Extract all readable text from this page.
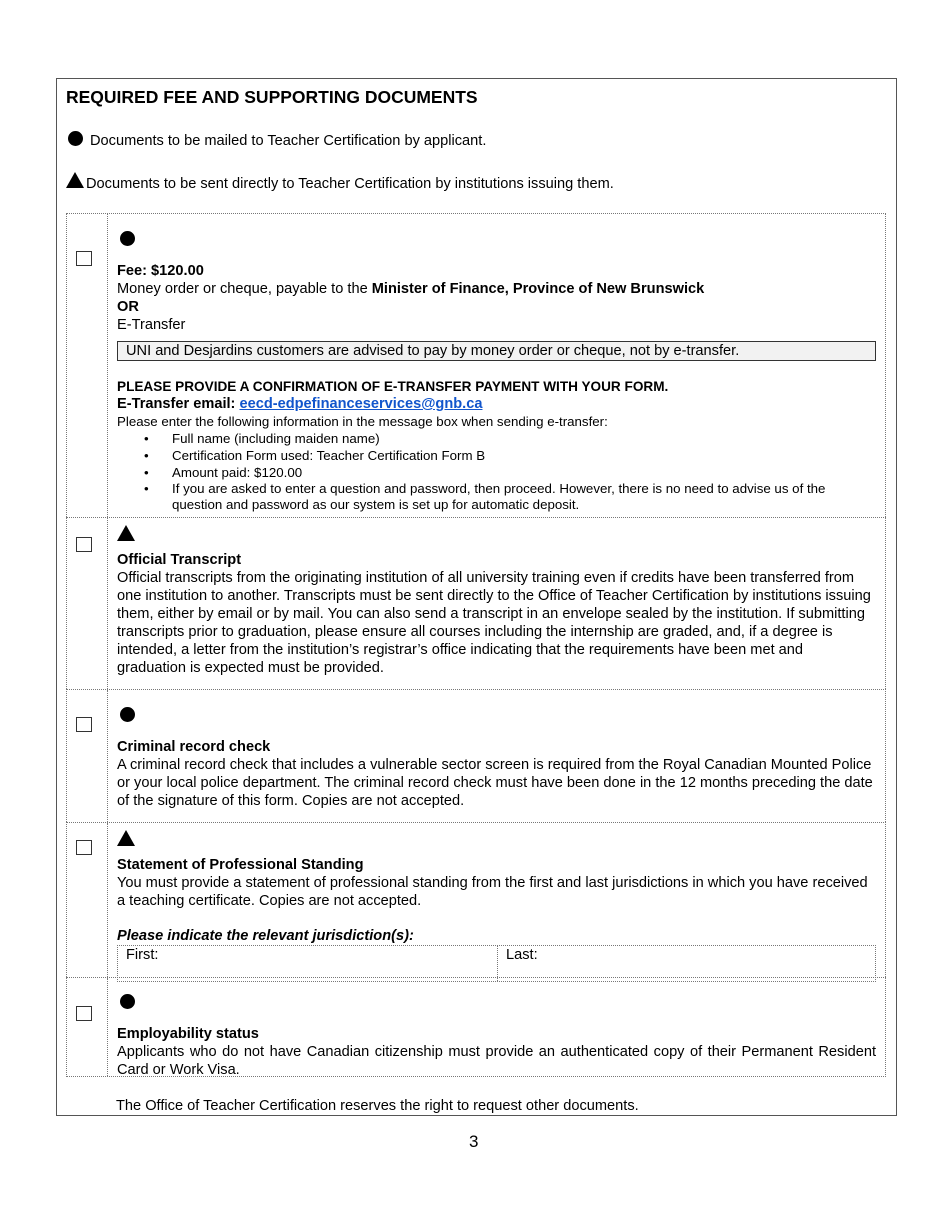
REQUIRED FEE AND SUPPORTING DOCUMENTS
Documents to be mailed to Teacher Certification by applicant.
Documents to be sent directly to Teacher Certification by institutions issuing them.
Fee: $120.00
Money order or cheque, payable to the Minister of Finance, Province of New Brunswick
OR
E-Transfer
UNI and Desjardins customers are advised to pay by money order or cheque, not by e-transfer.
PLEASE PROVIDE A CONFIRMATION OF E-TRANSFER PAYMENT WITH YOUR FORM.
E-Transfer email: eecd-edpefinanceservices@gnb.ca
Please enter the following information in the message box when sending e-transfer:
• Full name (including maiden name)
• Certification Form used: Teacher Certification Form B
• Amount paid: $120.00
• If you are asked to enter a question and password, then proceed. However, there is no need to advise us of the question and password as our system is set up for automatic deposit.
Official Transcript
Official transcripts from the originating institution of all university training even if credits have been transferred from one institution to another. Transcripts must be sent directly to the Office of Teacher Certification by institutions issuing them, either by email or by mail. You can also send a transcript in an envelope sealed by the institution. If submitting transcripts prior to graduation, please ensure all courses including the internship are graded, and, if a degree is intended, a letter from the institution’s registrar’s office indicating that the requirements have been met and graduation is expected must be provided.
Criminal record check
A criminal record check that includes a vulnerable sector screen is required from the Royal Canadian Mounted Police or your local police department. The criminal record check must have been done in the 12 months preceding the date of the signature of this form. Copies are not accepted.
Statement of Professional Standing
You must provide a statement of professional standing from the first and last jurisdictions in which you have received a teaching certificate. Copies are not accepted.
Please indicate the relevant jurisdiction(s):
First:	Last:
Employability status
Applicants who do not have Canadian citizenship must provide an authenticated copy of their Permanent Resident Card or Work Visa.
The Office of Teacher Certification reserves the right to request other documents.
3
